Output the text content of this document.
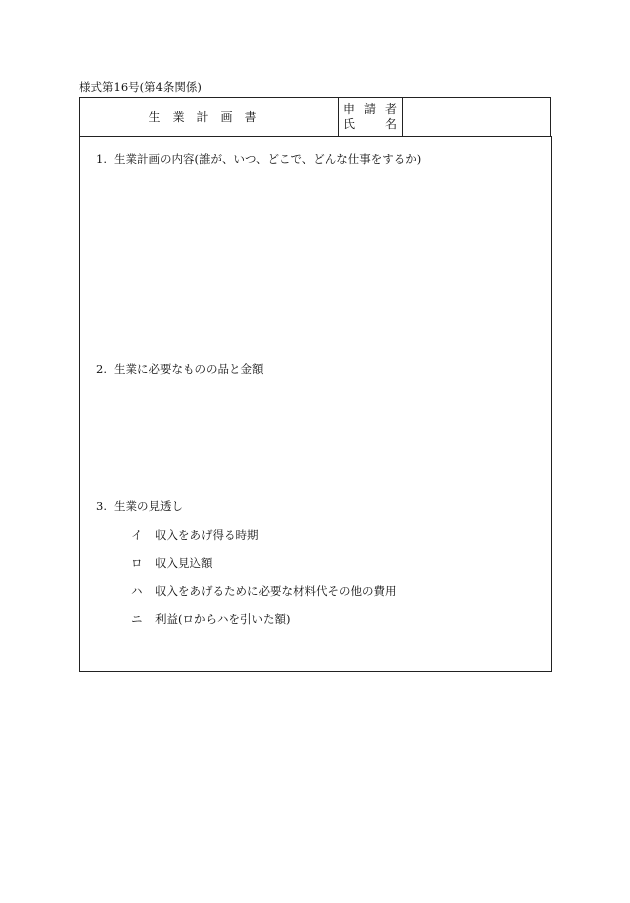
様式第16号(第4条関係)
生業計画書
申 請 者
氏 名
1. 生業計画の内容(誰が、いつ、どこで、どんな仕事をするか)
2. 生業に必要なものの品と金額
3. 生業の見透し
イ 収入をあげ得る時期
ロ 収入見込額
ハ 収入をあげるために必要な材料代その他の費用
ニ 利益(ロからハを引いた額)
